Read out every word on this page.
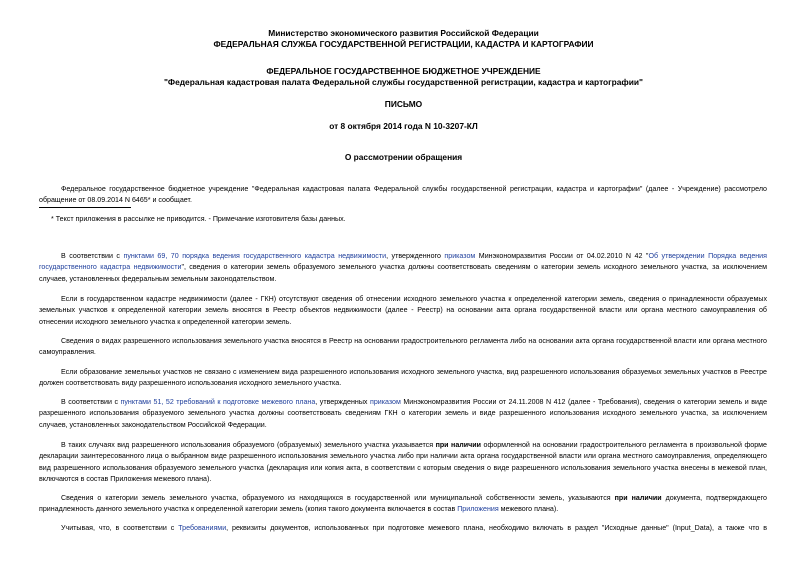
Министерство экономического развития Российской Федерации
ФЕДЕРАЛЬНАЯ СЛУЖБА ГОСУДАРСТВЕННОЙ РЕГИСТРАЦИИ, КАДАСТРА И КАРТОГРАФИИ
ФЕДЕРАЛЬНОЕ ГОСУДАРСТВЕННОЕ БЮДЖЕТНОЕ УЧРЕЖДЕНИЕ
"Федеральная кадастровая палата Федеральной службы государственной регистрации, кадастра и картографии"
ПИСЬМО
от 8 октября 2014 года N 10-3207-КЛ
О рассмотрении обращения
Федеральное государственное бюджетное учреждение "Федеральная кадастровая палата Федеральной службы государственной регистрации, кадастра и картографии" (далее - Учреждение) рассмотрело
обращение от 08.09.2014 N 6465* и сообщает.
* Текст приложения в рассылке не приводится. - Примечание изготовителя базы данных.
В соответствии с пунктами 69, 70 порядка ведения государственного кадастра недвижимости, утвержденного приказом Минэкономразвития России от 04.02.2010 N 42 "Об утверждении Порядка ведения
государственного кадастра недвижимости", сведения о категории земель образуемого земельного участка должны соответствовать сведениям о категории земель исходного земельного участка, за исключением
случаев, установленных федеральным земельным законодательством.
Если в государственном кадастре недвижимости (далее - ГКН) отсутствуют сведения об отнесении исходного земельного участка к определенной категории земель, сведения о принадлежности образуемых
земельных участков к определенной категории земель вносятся в Реестр объектов недвижимости (далее - Реестр) на основании акта органа государственной власти или органа местного самоуправления об
отнесении исходного земельного участка к определенной категории земель.
Сведения о видах разрешенного использования земельного участка вносятся в Реестр на основании градостроительного регламента либо на основании акта органа государственной власти или органа местного
самоуправления.
Если образование земельных участков не связано с изменением вида разрешенного использования исходного земельного участка, вид разрешенного использования образуемых земельных участков в Реестре
должен соответствовать виду разрешенного использования исходного земельного участка.
В соответствии с пунктами 51, 52 требований к подготовке межевого плана, утвержденных приказом Минэкономразвития России от 24.11.2008 N 412 (далее - Требования), сведения о категории земель и виде
разрешенного использования образуемого земельного участка должны соответствовать сведениям ГКН о категории земель и виде разрешенного использования исходного земельного участка, за исключением
случаев, установленных законодательством Российской Федерации.
В таких случаях вид разрешенного использования образуемого (образуемых) земельного участка указывается при наличии оформленной на основании градостроительного регламента в произвольной форме
декларации заинтересованного лица о выбранном виде разрешенного использования земельного участка либо при наличии акта органа государственной власти или органа местного самоуправления, определяющего
вид разрешенного использования образуемого земельного участка (декларация или копия акта, в соответствии с которым сведения о виде разрешенного использования земельного участка внесены в межевой план,
включаются в состав Приложения межевого плана).
Сведения о категории земель земельного участка, образуемого из находящихся в государственной или муниципальной собственности земель, указываются при наличии документа, подтверждающего
принадлежность данного земельного участка к определенной категории земель (копия такого документа включается в состав Приложения межевого плана).
Учитывая, что, в соответствии с Требованиями, реквизиты документов, использованных при подготовке межевого плана, необходимо включать в раздел "Исходные данные" (Input_Data), а также что в
